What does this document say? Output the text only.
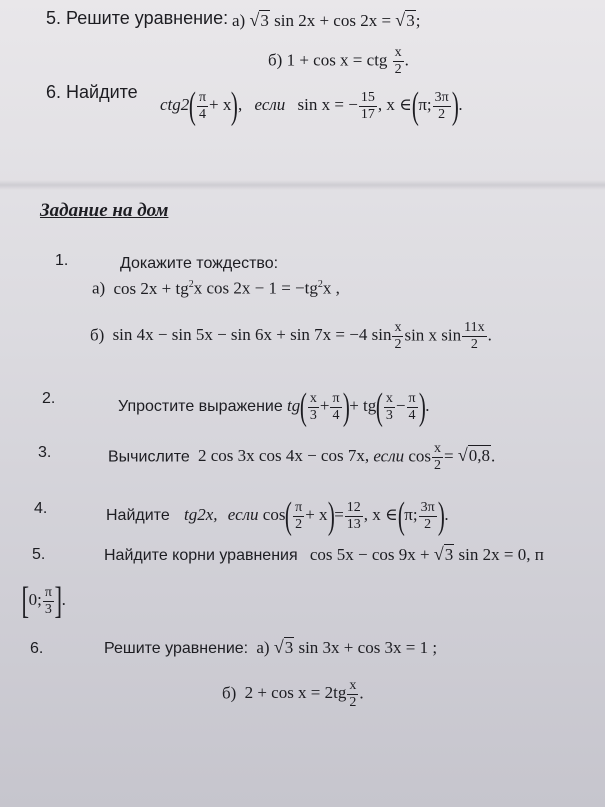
5. Решите уравнение: а) √3 sin 2x + cos 2x = √3;
б) 1 + cos x = ctg $\frac{x}{2}$ .
6. Найдите
$ctg2( \frac{\pi}{4} + x)$, если sin x = − $\frac{15}{17}$ , x ∈(π; $\frac{3\pi}{2}$ ).
Задание на дом
1.	Докажите тождество:
а) $\cos 2x + tg^2x$ $\cos 2x - 1 = -tg^2x$ ,
б) sin 4x − sin 5x − sin 6x + sin 7x = −4 $\sin \frac{x}{2}$ sin x $\sin \frac{11x}{2}$ .
2.	Упростите выражение $tg( \frac{x}{3} + \frac{\pi}{4}$ )+ $tg( \frac{x}{3} - \frac{\pi}{4}$ ).
3.	Вычислите 2 cos 3x cos 4x − cos 7x, если $\cos \frac{x}{2} = √0,8$.
4.	Найдите tg2x, если $\cos( \frac{\pi}{2} + x)= \frac{12}{13}$ , x ∈(π; $\frac{3\pi}{2}$ ).
5.	Найдите корни уравнения cos 5x − cos 9x + √3 sin 2x = 0, п
[0; $\frac{\pi}{3}$ ].
6.	Решите уравнение: а) √3 sin 3x + cos 3x = 1 ;
б) $2 + \cos x = 2tg \frac{x}{2}$ .
